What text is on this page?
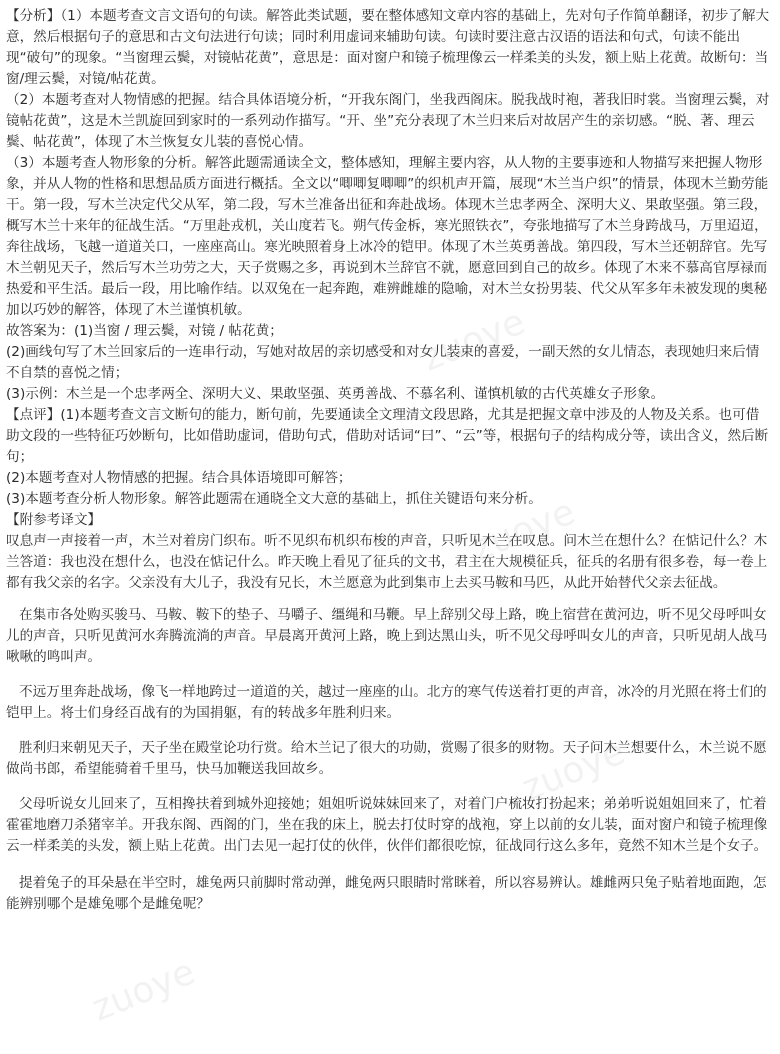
zuoye
zuoye
zuoye
zuoye

【分析】（1）本题考查文言文语句的句读。解答此类试题，要在整体感知文章内容的基础上，先对句子作简单翻译，初步了解大意，然后根据句子的意思和古文句法进行句读；同时利用虚词来辅助句读。句读时要注意古汉语的语法和句式，句读不能出现“破句”的现象。“当窗理云鬓，对镜帖花黄”，意思是：面对窗户和镜子梳理像云一样柔美的头发，额上贴上花黄。故断句：当窗/理云鬓，对镜/帖花黄。

（2）本题考查对人物情感的把握。结合具体语境分析，“开我东阁门，坐我西阁床。脱我战时袍，著我旧时裳。当窗理云鬓，对镜帖花黄”，这是木兰凯旋回到家时的一系列动作描写。“开、坐”充分表现了木兰归来后对故居产生的亲切感。“脱、著、理云鬓、帖花黄”，体现了木兰恢复女儿装的喜悦心情。

（3）本题考查人物形象的分析。解答此题需通读全文，整体感知，理解主要内容，从人物的主要事迹和人物描写来把握人物形象，并从人物的性格和思想品质方面进行概括。全文以“唧唧复唧唧”的织机声开篇，展现“木兰当户织”的情景，体现木兰勤劳能干。第一段，写木兰决定代父从军，第二段，写木兰准备出征和奔赴战场。体现木兰忠孝两全、深明大义、果敢坚强。第三段，概写木兰十来年的征战生活。“万里赴戎机，关山度若飞。朔气传金柝，寒光照铁衣”，夸张地描写了木兰身跨战马，万里迢迢，奔往战场，飞越一道道关口，一座座高山。寒光映照着身上冰冷的铠甲。体现了木兰英勇善战。第四段，写木兰还朝辞官。先写木兰朝见天子，然后写木兰功劳之大，天子赏赐之多，再说到木兰辞官不就，愿意回到自己的故乡。体现了木来不慕高官厚禄而热爱和平生活。最后一段，用比喻作结。以双兔在一起奔跑，难辨雌雄的隐喻，对木兰女扮男装、代父从军多年未被发现的奥秘加以巧妙的解答，体现了木兰谨慎机敏。

故答案为：(1)当窗 / 理云鬓，对镜 / 帖花黄；

(2)画线句写了木兰回家后的一连串行动，写她对故居的亲切感受和对女儿装束的喜爱，一副天然的女儿情态，表现她归来后情不自禁的喜悦之情；

(3)示例：木兰是一个忠孝两全、深明大义、果敢坚强、英勇善战、不慕名利、谨慎机敏的古代英雄女子形象。

【点评】(1)本题考查文言文断句的能力，断句前，先要通读全文理清文段思路，尤其是把握文章中涉及的人物及关系。也可借助文段的一些特征巧妙断句，比如借助虚词，借助句式，借助对话词“曰”、“云”等，根据句子的结构成分等，读出含义，然后断句；

(2)本题考查对人物情感的把握。结合具体语境即可解答；

(3)本题考查分析人物形象。解答此题需在通晓全文大意的基础上，抓住关键语句来分析。

【附参考译文】

叹息声一声接着一声，木兰对着房门织布。听不见织布机织布梭的声音，只听见木兰在叹息。问木兰在想什么？在惦记什么？木兰答道：我也没在想什么，也没在惦记什么。昨天晚上看见了征兵的文书，君主在大规模征兵，征兵的名册有很多卷，每一卷上都有我父亲的名字。父亲没有大儿子，我没有兄长，木兰愿意为此到集市上去买马鞍和马匹，从此开始替代父亲去征战。

在集市各处购买骏马、马鞍、鞍下的垫子、马嚼子、缰绳和马鞭。早上辞别父母上路，晚上宿营在黄河边，听不见父母呼叫女儿的声音，只听见黄河水奔腾流淌的声音。早晨离开黄河上路，晚上到达黑山头，听不见父母呼叫女儿的声音，只听见胡人战马啾啾的鸣叫声。

不远万里奔赴战场，像飞一样地跨过一道道的关，越过一座座的山。北方的寒气传送着打更的声音，冰冷的月光照在将士们的铠甲上。将士们身经百战有的为国捐躯，有的转战多年胜利归来。

胜利归来朝见天子，天子坐在殿堂论功行赏。给木兰记了很大的功勋，赏赐了很多的财物。天子问木兰想要什么，木兰说不愿做尚书郎，希望能骑着千里马，快马加鞭送我回故乡。

父母听说女儿回来了，互相搀扶着到城外迎接她；姐姐听说妹妹回来了，对着门户梳妆打扮起来；弟弟听说姐姐回来了，忙着霍霍地磨刀杀猪宰羊。开我东阁、西阁的门，坐在我的床上，脱去打仗时穿的战袍，穿上以前的女儿装，面对窗户和镜子梳理像云一样柔美的头发，额上贴上花黄。出门去见一起打仗的伙伴，伙伴们都很吃惊，征战同行这么多年，竟然不知木兰是个女子。

提着兔子的耳朵悬在半空时，雄兔两只前脚时常动弹，雌兔两只眼睛时常眯着，所以容易辨认。雄雌两只兔子贴着地面跑，怎能辨别哪个是雄兔哪个是雌兔呢？
